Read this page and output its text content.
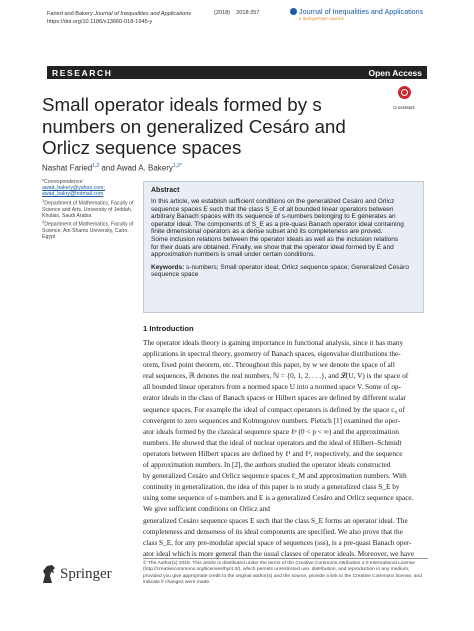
Faried and Bakery Journal of Inequalities and Applications
https://doi.org/10.1186/s13660-018-1945-y
(2018) 2018:357	Journal of Inequalities and Applications
a SpringerOpen Journal
RESEARCH	Open Access
CrossMark
Small operator ideals formed by s numbers on generalized Cesáro and Orlicz sequence spaces
Nashat Faried$^{1,2}$ and Awad A. Bakery$^{1,2*}$

*Correspondence:

awad_bakery@yahoo.com;

awad_bakry@hotmail.com

$^1$Department of Mathematics, Faculty of Science and Arts, University of Jeddah, Khulais, Saudi Arabia

$^2$Department of Mathematics, Faculty of Science, Ain Shams University, Cairo, Egypt

Abstract
In this article, we establish sufficient conditions on the generalized Cesáro and Orlicz
sequence spaces E such that the class S_E of all bounded linear operators between
arbitrary Banach spaces with its sequence of s-numbers belonging to E generates an
operator ideal. The components of S_E as a pre-quasi Banach operator ideal containing
finite dimensional operators as a dense subset and its completeness are proved.
Some inclusion relations between the operator ideals as well as the inclusion relations
for their duals are obtained. Finally, we show that the operator ideal formed by E and
approximation numbers is small under certain conditions.
Keywords: s-numbers; Small operator ideal; Orlicz sequence space; Generalized Cesáro sequence space
1 Introduction
The operator ideals theory is gaining importance in functional analysis, since it has many
applications in spectral theory, geometry of Banach spaces, eigenvalue distributions the-
orem, fixed point theorem, etc. Throughout this paper, by w we denote the space of all
real sequences, ℝ denotes the real numbers, ℕ = {0, 1, 2, . . .}, and 𝓛(U, V) is the space of
all bounded linear operators from a normed space U into a normed space V. Some of op-
erator ideals in the class of Banach spaces or Hilbert spaces are defined by different scalar
sequence spaces. For example the ideal of compact operators is defined by the space c₀ of
convergent to zero sequences and Kolmogorov numbers. Pietsch [1] examined the oper-
ator ideals formed by the classical sequence space ℓᵖ (0 < p < ∞) and the approximation
numbers. He showed that the ideal of nuclear operators and the ideal of Hilbert–Schmidt
operators between Hilbert spaces are defined by ℓ¹ and ℓ², respectively, and the sequence
of approximation numbers. In [2], the authors studied the operator ideals constructed
by generalized Cesáro and Orlicz sequence spaces ℓ_M and approximation numbers. With
continuity in generalization, the idea of this paper is to study a generalized class S_E by
using some sequence of s-numbers and E is a generalized Cesáro and Orlicz sequence space.
We give sufficient conditions on Orlicz and
generalized Cesáro sequence spaces E such that the class S_E forms an operator ideal. The
completeness and denseness of its ideal components are specified. We also prove that the
class S_E, for any pre-modular special space of sequences (sss), is a pre-quasi Banach oper-
ator ideal which is more general than the usual classes of operator ideals. Moreover, we have
Springer
© The Author(s) 2018. This article is distributed under the terms of the Creative Commons Attribution 4.0 International License
(http://creativecommons.org/licenses/by/4.0/), which permits unrestricted use, distribution, and reproduction in any medium,
provided you give appropriate credit to the original author(s) and the source, provide a link to the Creative Commons license, and
indicate if changes were made.
